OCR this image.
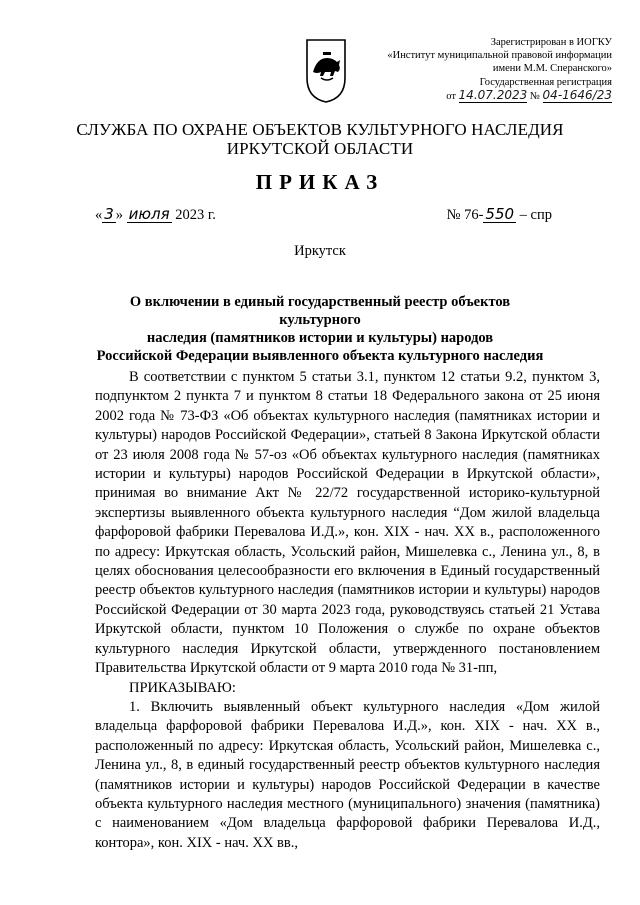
Зарегистрирован в ИОГКУ
«Институт муниципальной правовой информации
имени М.М. Сперанского»
Государственная регистрация
от 14.07.2023 № 04-1646/23
СЛУЖБА ПО ОХРАНЕ ОБЪЕКТОВ КУЛЬТУРНОГО НАСЛЕДИЯ
ИРКУТСКОЙ ОБЛАСТИ
ПРИКАЗ
« 3 » июля 2023 г.	№ 76- 550 – спр
Иркутск
О включении в единый государственный реестр объектов культурного
наследия (памятников истории и культуры) народов
Российской Федерации выявленного объекта культурного наследия

В соответствии с пунктом 5 статьи 3.1, пунктом 12 статьи 9.2, пунктом 3, подпунктом 2 пункта 7 и пунктом 8 статьи 18 Федерального закона от 25 июня 2002 года № 73-ФЗ «Об объектах культурного наследия (памятниках истории и культуры) народов Российской Федерации», статьей 8 Закона Иркутской области от 23 июля 2008 года № 57-оз «Об объектах культурного наследия (памятниках истории и культуры) народов Российской Федерации в Иркутской области», принимая во внимание Акт № 22/72 государственной историко-культурной экспертизы выявленного объекта культурного наследия “Дом жилой владельца фарфоровой фабрики Перевалова И.Д.», кон. XIX - нач. XX в., расположенного по адресу: Иркутская область, Усольский район, Мишелевка с., Ленина ул., 8, в целях обоснования целесообразности его включения в Единый государственный реестр объектов культурного наследия (памятников истории и культуры) народов Российской Федерации от 30 марта 2023 года, руководствуясь статьей 21 Устава Иркутской области, пунктом 10 Положения о службе по охране объектов культурного наследия Иркутской области, утвержденного постановлением Правительства Иркутской области от 9 марта 2010 года № 31-пп,

ПРИКАЗЫВАЮ:

1. Включить выявленный объект культурного наследия «Дом жилой владельца фарфоровой фабрики Перевалова И.Д.», кон. XIX - нач. XX в., расположенный по адресу: Иркутская область, Усольский район, Мишелевка с., Ленина ул., 8, в единый государственный реестр объектов культурного наследия (памятников истории и культуры) народов Российской Федерации в качестве объекта культурного наследия местного (муниципального) значения (памятника) с наименованием «Дом владельца фарфоровой фабрики Перевалова И.Д., контора», кон. XIX - нач. XX вв.,
